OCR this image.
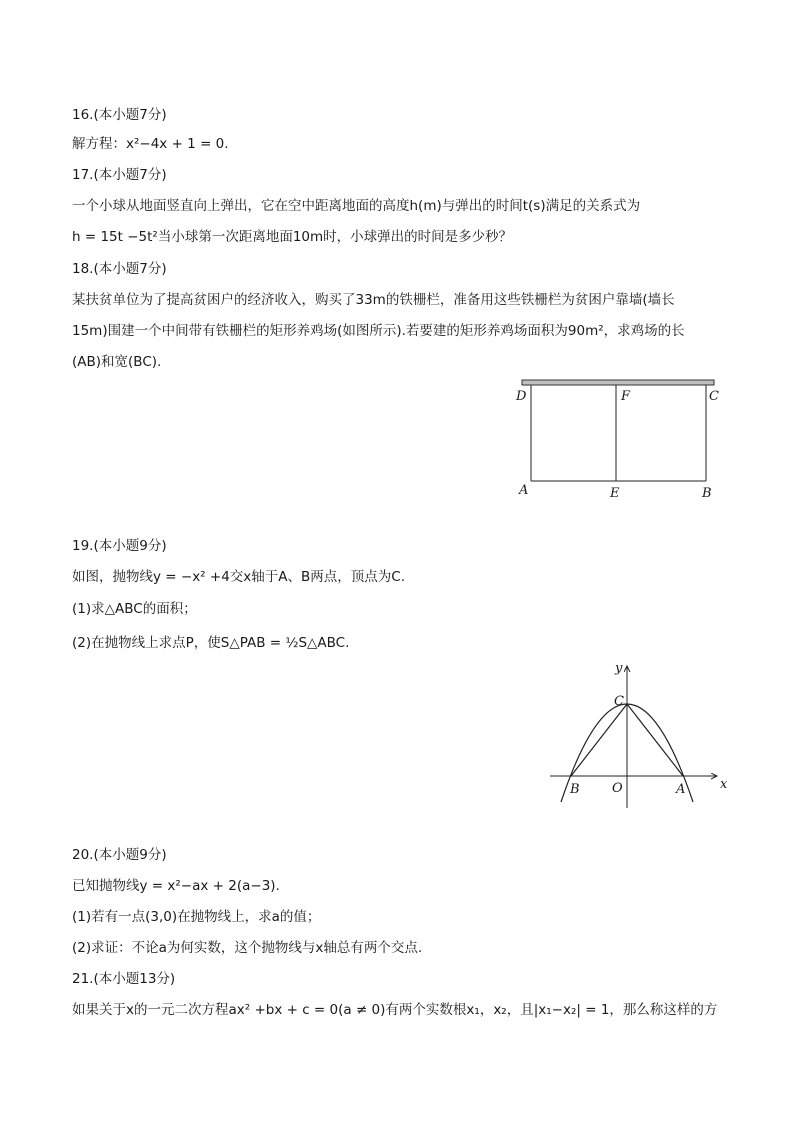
16.(本小题7分)
解方程：x²−4x + 1 = 0.
17.(本小题7分)
一个小球从地面竖直向上弹出，它在空中距离地面的高度h(m)与弹出的时间t(s)满足的关系式为
h = 15t −5t²当小球第一次距离地面10m时，小球弹出的时间是多少秒？
18.(本小题7分)
某扶贫单位为了提高贫困户的经济收入，购买了33m的铁栅栏，准备用这些铁栅栏为贫困户靠墙(墙长
15m)围建一个中间带有铁栅栏的矩形养鸡场(如图所示).若要建的矩形养鸡场面积为90m²，求鸡场的长
(AB)和宽(BC).
D	F	C
A	E	B
19.(本小题9分)
如图，抛物线y = −x² +4交x轴于A、B两点，顶点为C.
(1)求△ABC的面积；
(2)在抛物线上求点P，使S△PAB = ½S△ABC.
y
x
C
O
B	A
20.(本小题9分)
已知抛物线y = x²−ax + 2(a−3).
(1)若有一点(3,0)在抛物线上，求a的值；
(2)求证：不论a为何实数，这个抛物线与x轴总有两个交点.
21.(本小题13分)
如果关于x的一元二次方程ax² +bx + c = 0(a ≠ 0)有两个实数根x₁，x₂，且|x₁−x₂| = 1，那么称这样的方
